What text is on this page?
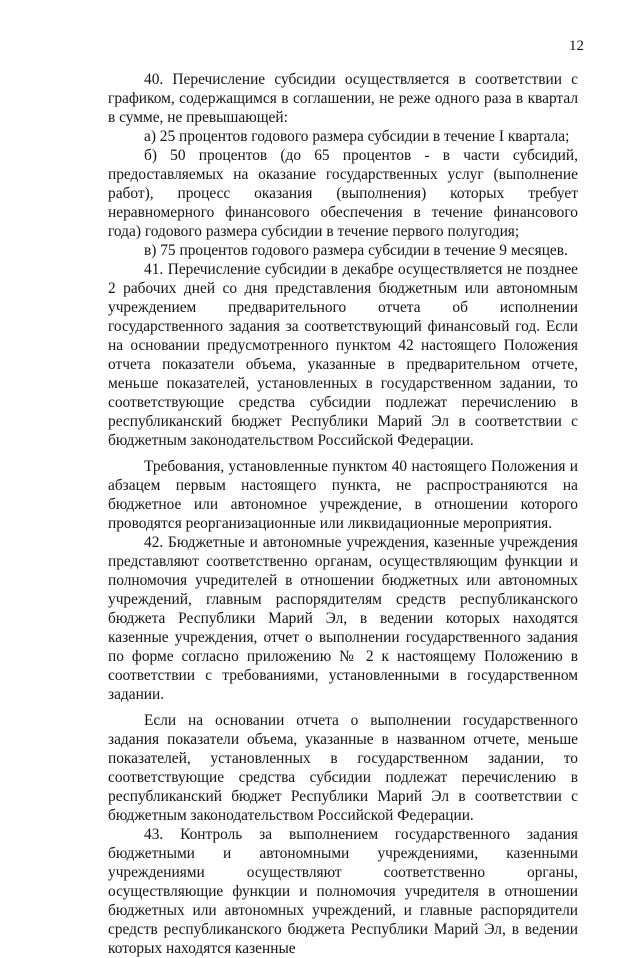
12

40. Перечисление субсидии осуществляется в соответствии с графиком, содержащимся в соглашении, не реже одного раза в квартал в сумме, не превышающей:

а) 25 процентов годового размера субсидии в течение I квартала;

б) 50 процентов (до 65 процентов - в части субсидий, предоставляемых на оказание государственных услуг (выполнение работ), процесс оказания (выполнения) которых требует неравномерного финансового обеспечения в течение финансового года) годового размера субсидии в течение первого полугодия;

в) 75 процентов годового размера субсидии в течение 9 месяцев.

41. Перечисление субсидии в декабре осуществляется не позднее 2 рабочих дней со дня представления бюджетным или автономным учреждением предварительного отчета об исполнении государственного задания за соответствующий финансовый год. Если на основании предусмотренного пунктом 42 настоящего Положения отчета показатели объема, указанные в предварительном отчете, меньше показателей, установленных в государственном задании, то соответствующие средства субсидии подлежат перечислению в республиканский бюджет Республики Марий Эл в соответствии с бюджетным законодательством Российской Федерации.

Требования, установленные пунктом 40 настоящего Положения и абзацем первым настоящего пункта, не распространяются на бюджетное или автономное учреждение, в отношении которого проводятся реорганизационные или ликвидационные мероприятия.

42. Бюджетные и автономные учреждения, казенные учреждения представляют соответственно органам, осуществляющим функции и полномочия учредителей в отношении бюджетных или автономных учреждений, главным распорядителям средств республиканского бюджета Республики Марий Эл, в ведении которых находятся казенные учреждения, отчет о выполнении государственного задания по форме согласно приложению № 2 к настоящему Положению в соответствии с требованиями, установленными в государственном задании.

Если на основании отчета о выполнении государственного задания показатели объема, указанные в названном отчете, меньше показателей, установленных в государственном задании, то соответствующие средства субсидии подлежат перечислению в республиканский бюджет Республики Марий Эл в соответствии с бюджетным законодательством Российской Федерации.

43. Контроль за выполнением государственного задания бюджетными и автономными учреждениями, казенными учреждениями осуществляют соответственно органы, осуществляющие функции и полномочия учредителя в отношении бюджетных или автономных учреждений, и главные распорядители средств республиканского бюджета Республики Марий Эл, в ведении которых находятся казенные
